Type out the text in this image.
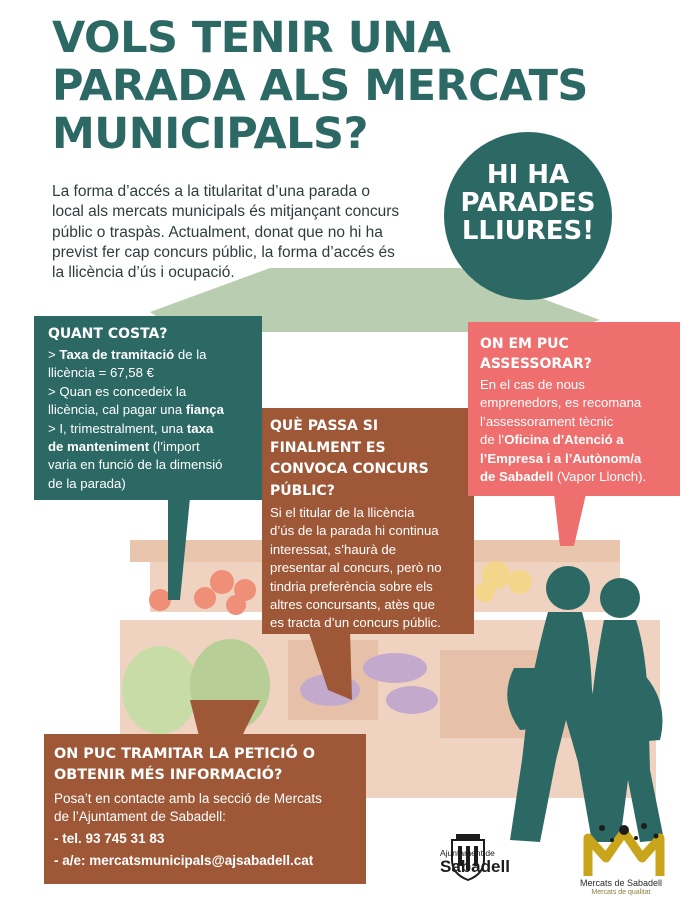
VOLS TENIR UNA
PARADA ALS MERCATS
MUNICIPALS?
La forma d’accés a la titularitat d’una parada o
local als mercats municipals és mitjançant concurs
públic o traspàs. Actualment, donat que no hi ha
previst fer cap concurs públic, la forma d’accés és
la llicència d’ús i ocupació.
HI HA
PARADES
LLIURES!
QUANT COSTA?
> Taxa de tramitació de la
llicència = 67,58 €
> Quan es concedeix la
llicència, cal pagar una fiança
> I, trimestralment, una taxa
de manteniment (l’import
varia en funció de la dimensió
de la parada)
QUÈ PASSA SI
FINALMENT ES
CONVOCA CONCURS
PÚBLIC?
Si el titular de la llicència
d’ús de la parada hi continua
interessat, s’haurà de
presentar al concurs, però no
tindria preferència sobre els
altres concursants, atès que
es tracta d’un concurs públic.
ON EM PUC
ASSESSORAR?
En el cas de nous
emprenedors, es recomana
l’assessorament tècnic
de l’Oficina d’Atenció a
l’Empresa i a l’Autònom/a
de Sabadell (Vapor Llonch).
ON PUC TRAMITAR LA PETICIÓ O
OBTENIR MÉS INFORMACIÓ?
Posa’t en contacte amb la secció de Mercats
de l’Ajuntament de Sabadell:
- tel. 93 745 31 83
- a/e: mercatsmunicipals@ajsabadell.cat	Ajuntament de
Sabadell
Mercats de Sabadell
Mercats de qualitat
